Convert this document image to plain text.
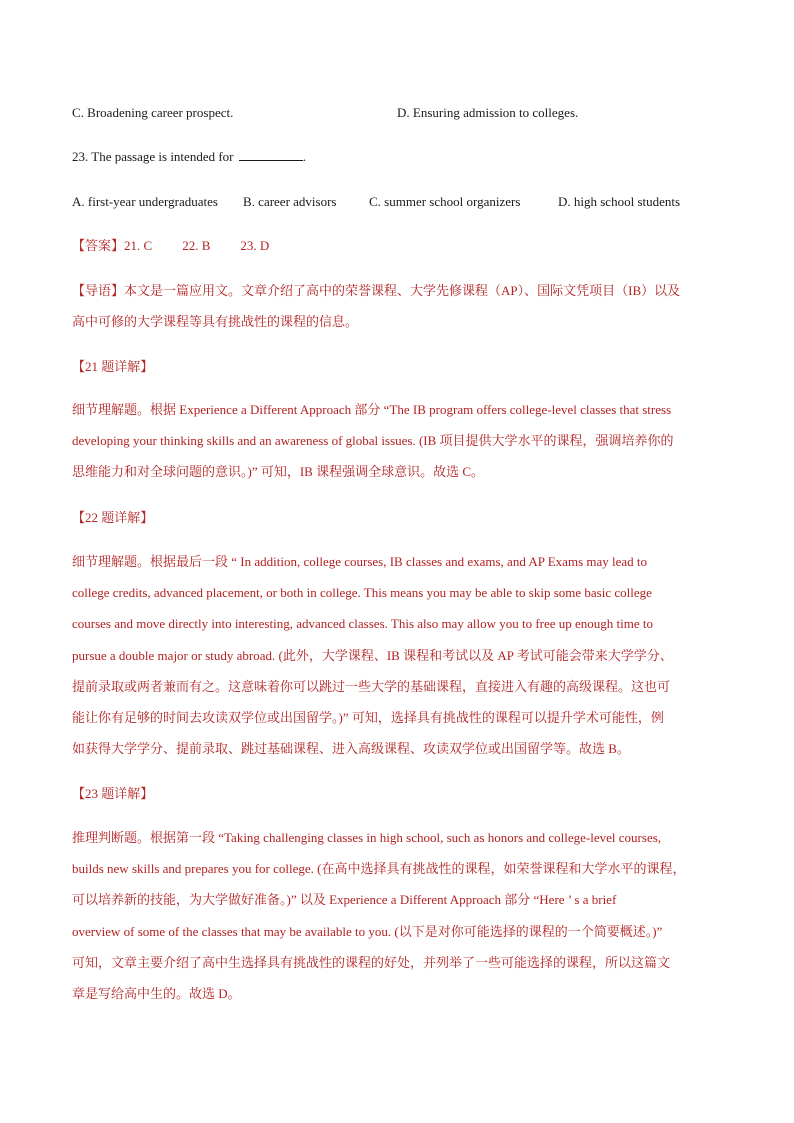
C. Broadening career prospect.	D. Ensuring admission to colleges.
23. The passage is intended for	.
A. first-year undergraduates B. career advisors	C. summer school organizers	D. high school students
【答案】21. C 22. B 23. D

【导语】本文是一篇应用文。文章介绍了高中的荣誉课程、大学先修课程（AP）、国际文凭项目（IB）以及

高中可修的大学课程等具有挑战性的课程的信息。

【21 题详解】

细节理解题。根据 Experience a Different Approach 部分 “The IB program offers college-level classes that stress

developing your thinking skills and an awareness of global issues. (IB 项目提供大学水平的课程，强调培养你的

思维能力和对全球问题的意识。)” 可知，IB 课程强调全球意识。故选 C。

【22 题详解】

细节理解题。根据最后一段 “ In addition, college courses, IB classes and exams, and AP Exams may lead to

college credits, advanced placement, or both in college. This means you may be able to skip some basic college

courses and move directly into interesting, advanced classes. This also may allow you to free up enough time to

pursue a double major or study abroad. (此外，大学课程、IB 课程和考试以及 AP 考试可能会带来大学学分、

提前录取或两者兼而有之。这意味着你可以跳过一些大学的基础课程，直接进入有趣的高级课程。这也可

能让你有足够的时间去攻读双学位或出国留学。)” 可知，选择具有挑战性的课程可以提升学术可能性，例

如获得大学学分、提前录取、跳过基础课程、进入高级课程、攻读双学位或出国留学等。故选 B。

【23 题详解】

推理判断题。根据第一段 “Taking challenging classes in high school, such as honors and college-level courses,

builds new skills and prepares you for college. (在高中选择具有挑战性的课程，如荣誉课程和大学水平的课程，

可以培养新的技能，为大学做好准备。)” 以及 Experience a Different Approach 部分 “Here ’ s a brief

overview of some of the classes that may be available to you. (以下是对你可能选择的课程的一个简要概述。)”

可知，文章主要介绍了高中生选择具有挑战性的课程的好处，并列举了一些可能选择的课程，所以这篇文

章是写给高中生的。故选 D。
